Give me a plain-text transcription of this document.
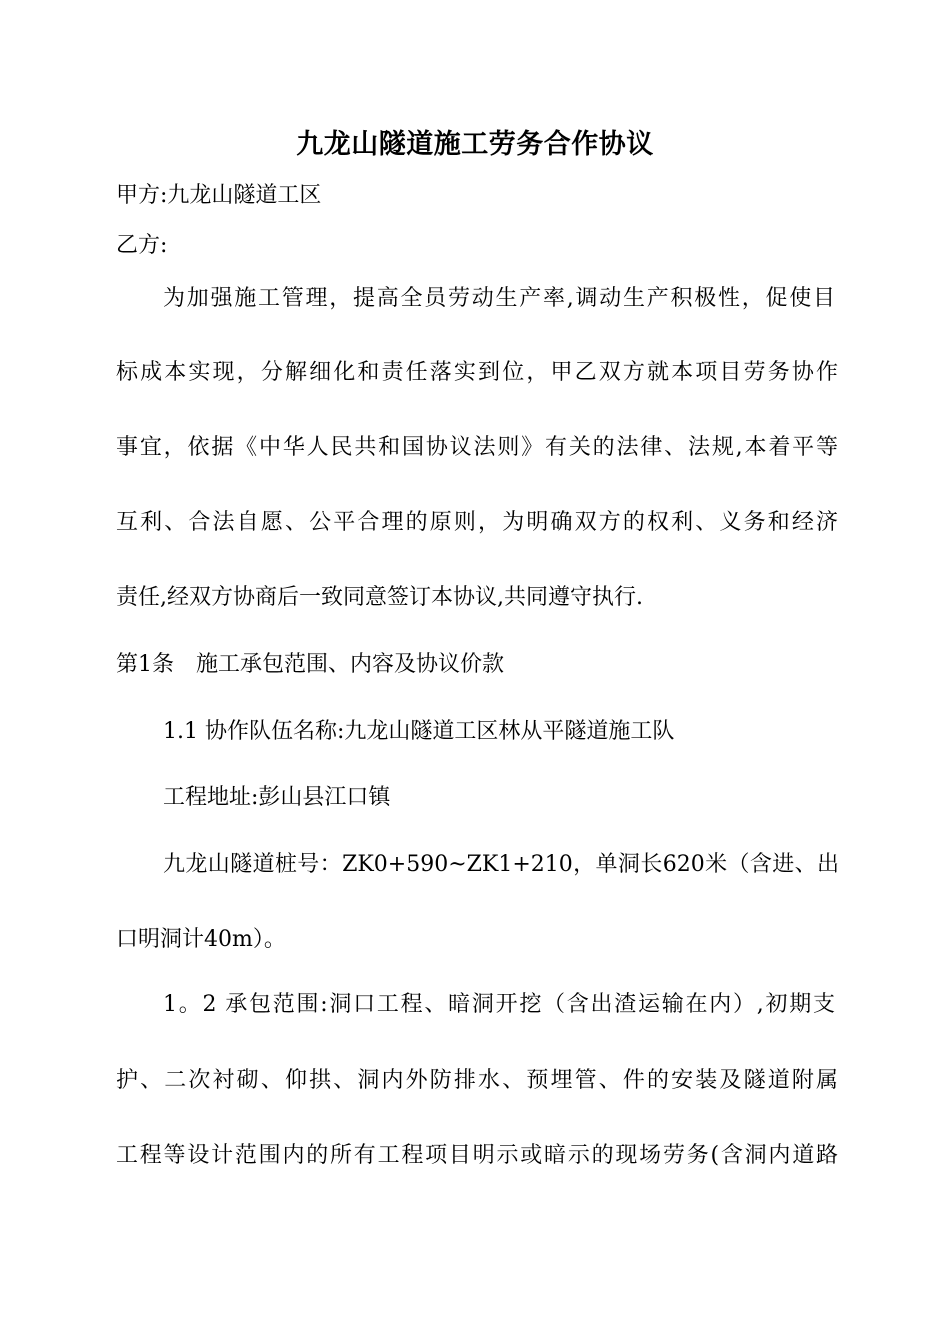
九龙山隧道施工劳务合作协议
甲方:九龙山隧道工区
乙方:
为加强施工管理，提高全员劳动生产率,调动生产积极性，促使目
标成本实现，分解细化和责任落实到位，甲乙双方就本项目劳务协作
事宜，依据《中华人民共和国协议法则》有关的法律、法规,本着平等
互利、合法自愿、公平合理的原则，为明确双方的权利、义务和经济
责任,经双方协商后一致同意签订本协议,共同遵守执行.
第1条　施工承包范围、内容及协议价款
1.1 协作队伍名称:九龙山隧道工区林从平隧道施工队
工程地址:彭山县江口镇
九龙山隧道桩号：ZK0+590~ZK1+210，单洞长620米（含进、出
口明洞计40m）。
1。2 承包范围:洞口工程、暗洞开挖（含出渣运输在内）,初期支
护、二次衬砌、仰拱、洞内外防排水、预埋管、件的安装及隧道附属
工程等设计范围内的所有工程项目明示或暗示的现场劳务(含洞内道路
